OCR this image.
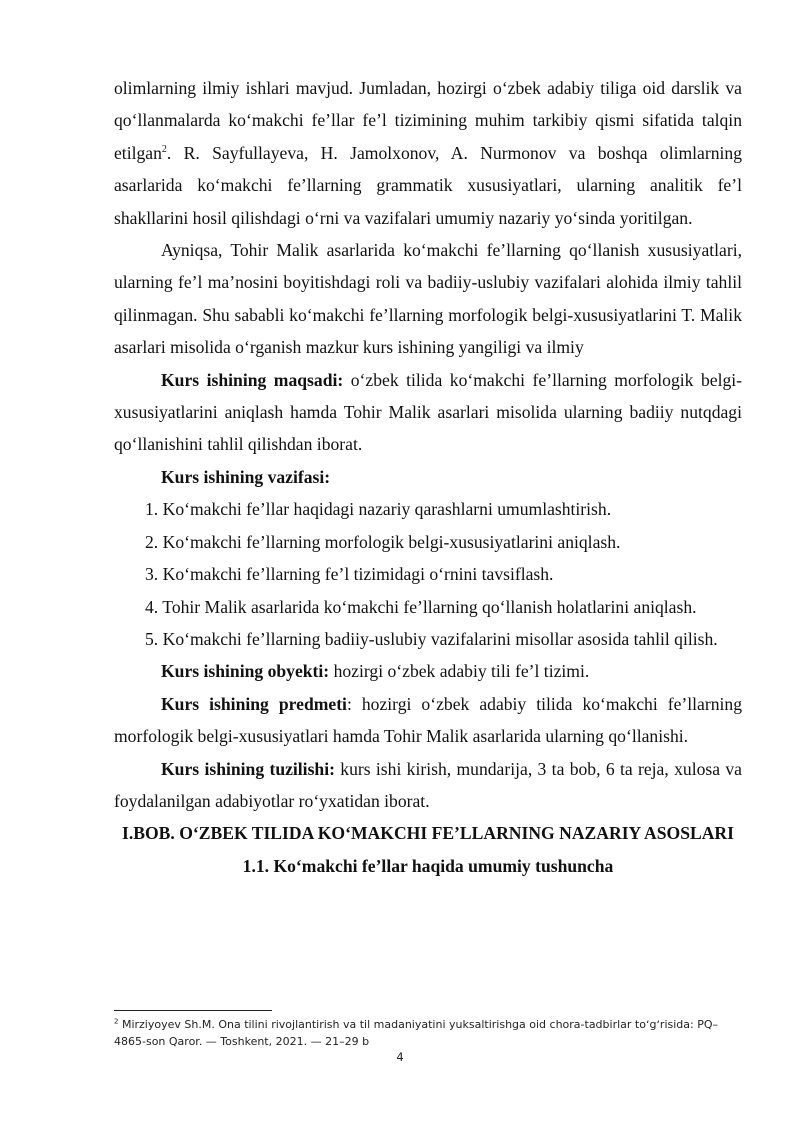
olimlarning ilmiy ishlari mavjud. Jumladan, hozirgi oʻzbek adabiy tiliga oid darslik va qoʻllanmalarda koʻmakchi feʼllar feʼl tizimining muhim tarkibiy qismi sifatida talqin etilgan$^2$. R. Sayfullayeva, H. Jamolxonov, A. Nurmonov va boshqa olimlarning asarlarida koʻmakchi feʼllarning grammatik xususiyatlari, ularning analitik feʼl shakllarini hosil qilishdagi oʻrni va vazifalari umumiy nazariy yoʻsinda yoritilgan.

Ayniqsa, Tohir Malik asarlarida koʻmakchi feʼllarning qoʻllanish xususiyatlari, ularning feʼl maʼnosini boyitishdagi roli va badiiy-uslubiy vazifalari alohida ilmiy tahlil qilinmagan. Shu sababli koʻmakchi feʼllarning morfologik belgi-xususiyatlarini T. Malik asarlari misolida oʻrganish mazkur kurs ishining yangiligi va ilmiy

Kurs ishining maqsadi: oʻzbek tilida koʻmakchi feʼllarning morfologik belgi-xususiyatlarini aniqlash hamda Tohir Malik asarlari misolida ularning badiiy nutqdagi qoʻllanishini tahlil qilishdan iborat.

Kurs ishining vazifasi:

1. Koʻmakchi feʼllar haqidagi nazariy qarashlarni umumlashtirish.

2. Koʻmakchi feʼllarning morfologik belgi-xususiyatlarini aniqlash.

3. Koʻmakchi feʼllarning feʼl tizimidagi oʻrnini tavsiflash.

4. Tohir Malik asarlarida koʻmakchi feʼllarning qoʻllanish holatlarini aniqlash.

5. Koʻmakchi feʼllarning badiiy-uslubiy vazifalarini misollar asosida tahlil qilish.

Kurs ishining obyekti: hozirgi oʻzbek adabiy tili feʼl tizimi.

Kurs ishining predmeti: hozirgi oʻzbek adabiy tilida koʻmakchi feʼllarning morfologik belgi-xususiyatlari hamda Tohir Malik asarlarida ularning qoʻllanishi.

Kurs ishining tuzilishi: kurs ishi kirish, mundarija, 3 ta bob, 6 ta reja, xulosa va foydalanilgan adabiyotlar roʻyxatidan iborat.

I.BOB. OʻZBEK TILIDA KOʻMAKCHI FEʼLLARNING NAZARIY ASOSLARI

1.1. Koʻmakchi feʼllar haqida umumiy tushuncha

$^2$ Mirziyoyev Sh.M. Ona tilini rivojlantirish va til madaniyatini yuksaltirishga oid chora-tadbirlar toʻgʻrisida: PQ–4865-son Qaror. — Toshkent, 2021. — 21–29 b
4
